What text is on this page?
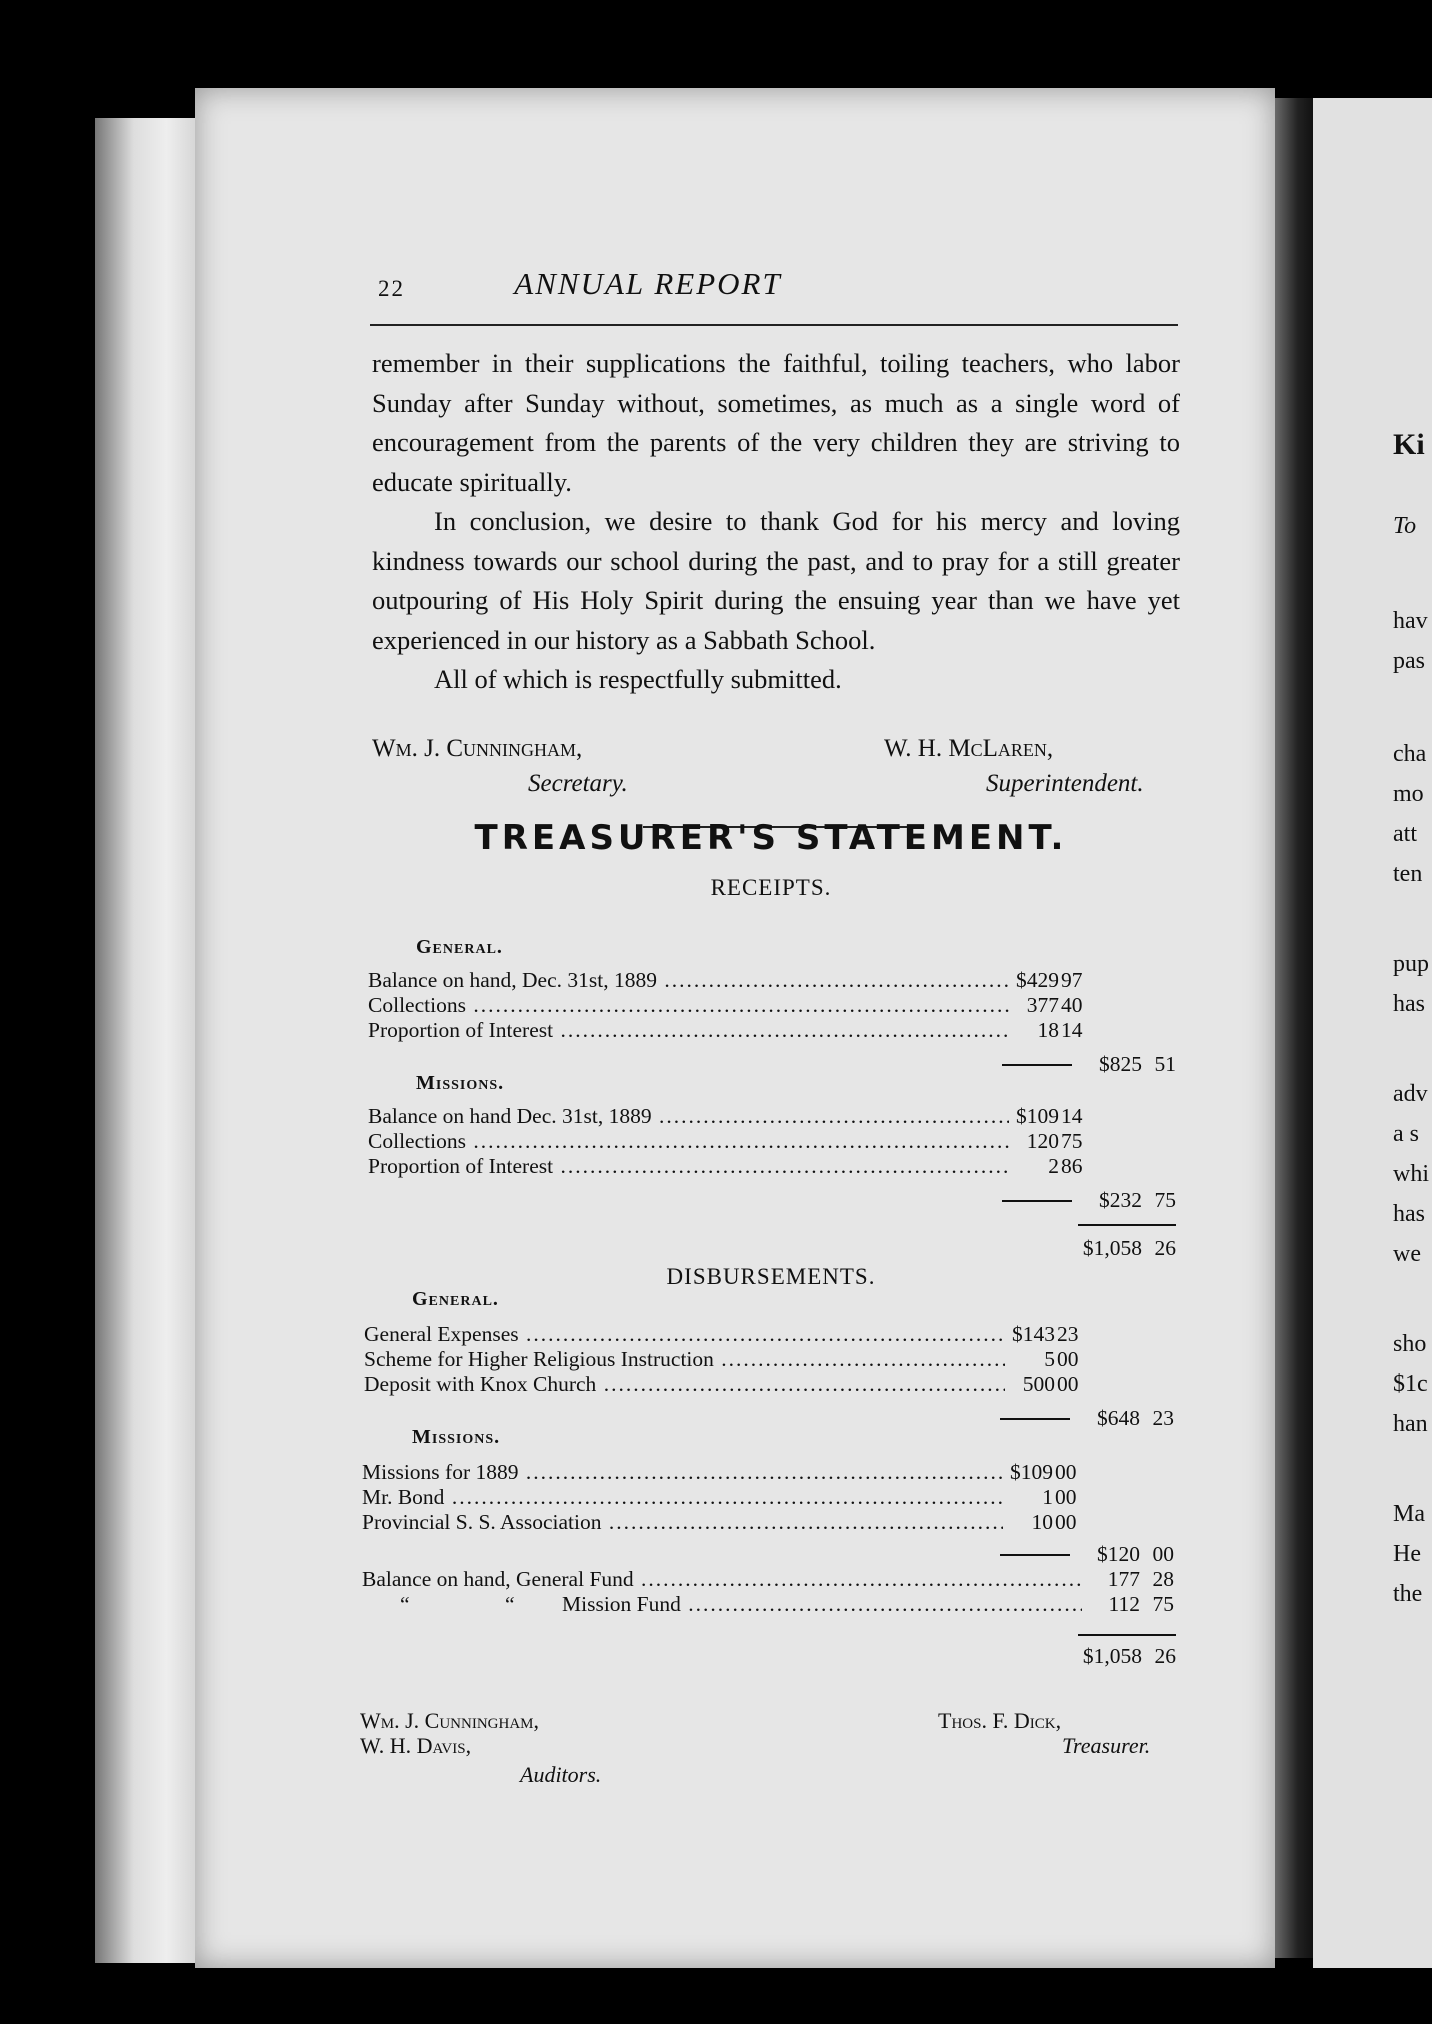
Ki
To
hav
pas
cha
mo
att
ten
pup
has
adv
a s
whi
has
we
sho
$1c
han
Ma
He
the
22	ANNUAL REPORT

remember in their supplications the faithful, toiling teachers, who labor Sunday after Sunday without, sometimes, as much as a single word of encouragement from the parents of the very children they are striving to educate spiritually.

In conclusion, we desire to thank God for his mercy and loving kindness towards our school during the past, and to pray for a still greater outpouring of His Holy Spirit during the ensuing year than we have yet experienced in our history as a Sabbath School.

All of which is respectfully submitted.

Wm. J. Cunningham,
Secretary.
W. H. McLaren,
Superintendent.
TREASURER'S STATEMENT.
RECEIPTS.
General.
Balance on hand, Dec. 31st, 1889 .....	$429 97
Collections .....	377 40
Proportion of Interest .....	18 14
$825 51
Missions.
Balance on hand Dec. 31st, 1889 .....	$109 14
Collections .....	120 75
Proportion of Interest .....	2 86
$232 75
$1,058 26
DISBURSEMENTS.
General.
General Expenses .....	$143 23
Scheme for Higher Religious Instruction .....	5 00
Deposit with Knox Church .....	500 00
$648 23
Missions.
Missions for 1889 .....	$109 00
Mr. Bond .....	1 00
Provincial S. S. Association .....	10 00
$120 00
Balance on hand, General Fund .....	177 28
“	“	Mission Fund .....	112 75
$1,058 26
Wm. J. Cunningham,
W. H. Davis,
Auditors.
Thos. F. Dick,
Treasurer.
